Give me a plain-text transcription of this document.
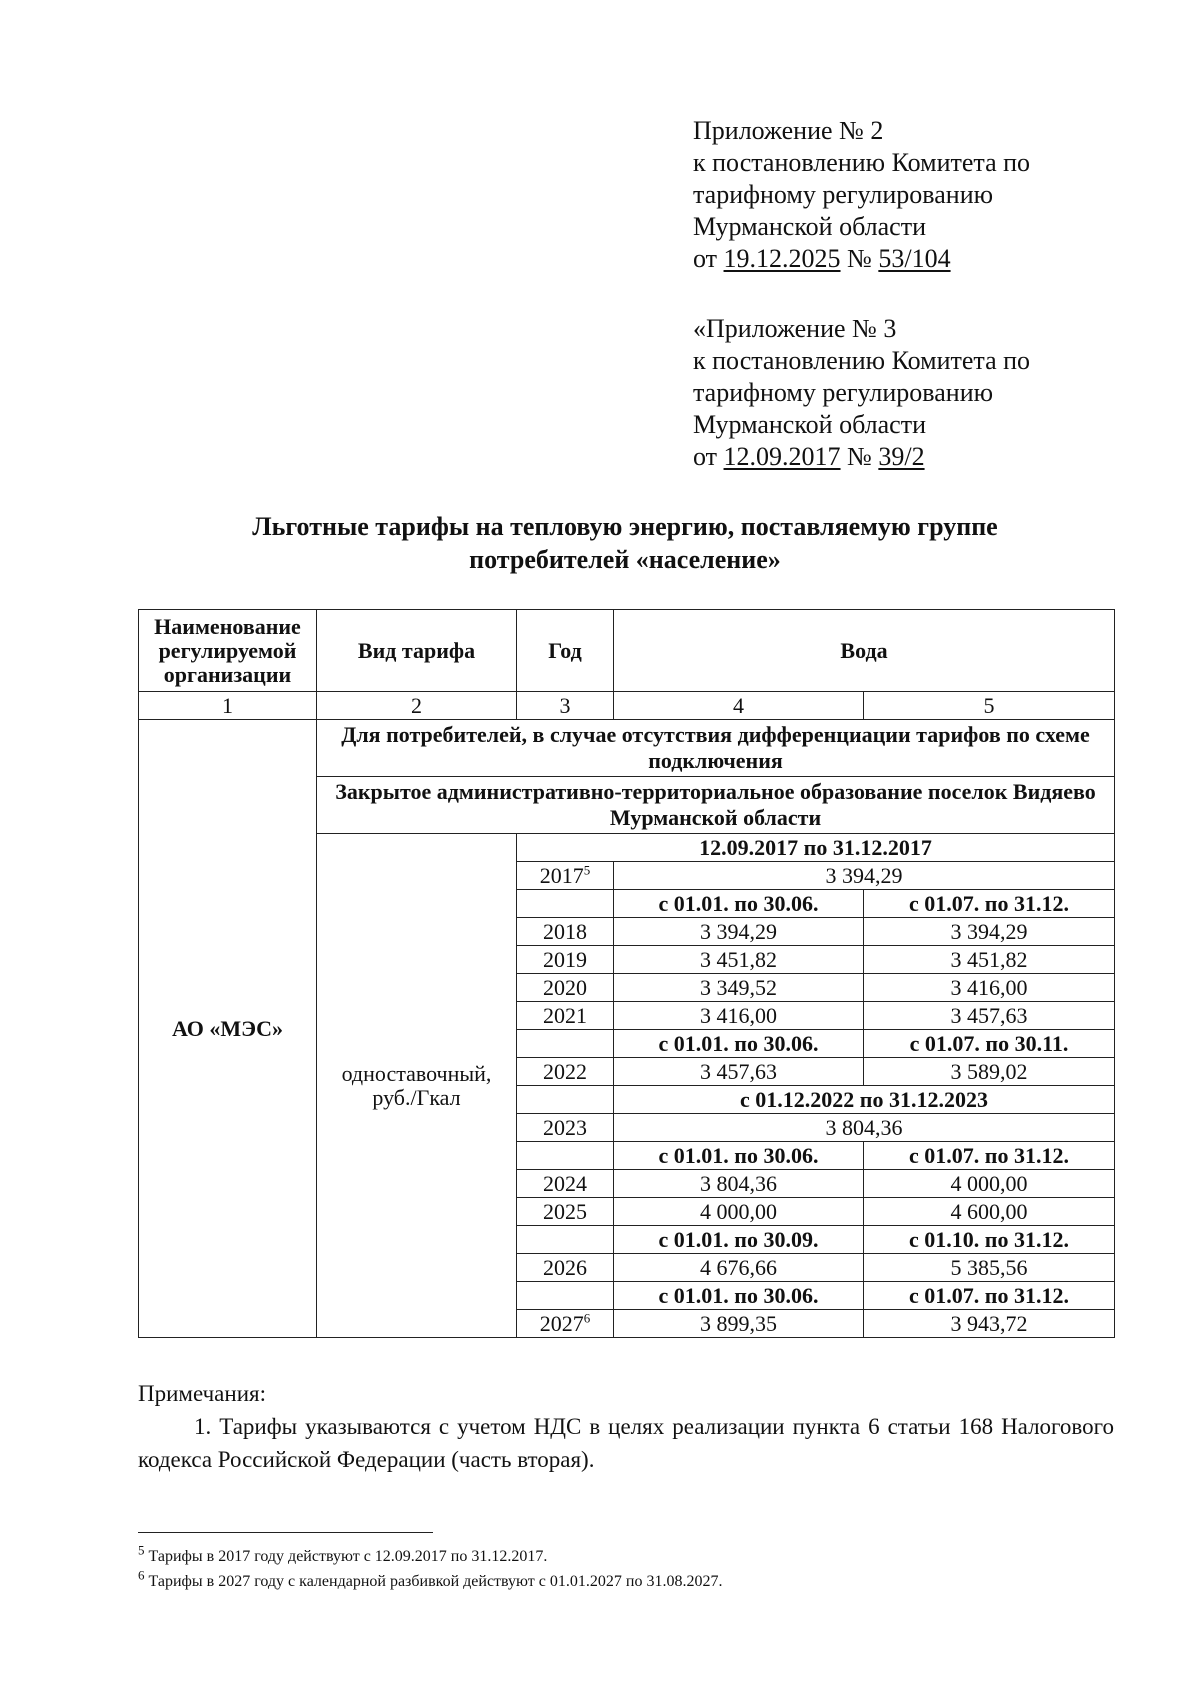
Приложение № 2
к постановлению Комитета по
тарифному регулированию
Мурманской области
от 19.12.2025 № 53/104
«Приложение № 3
к постановлению Комитета по
тарифному регулированию
Мурманской области
от 12.09.2017 № 39/2
Льготные тарифы на тепловую энергию, поставляемую группе
потребителей «население»
Наименование регулируемой организации	Вид тарифа	Год	Вода	
1	2	3	4	5
АО «МЭС»	Для потребителей, в случае отсутствия дифференциации тарифов по схеме подключения			
	Закрытое административно-территориальное образование поселок Видяево Мурманской области			
	одноставочный, руб./Гкал	12.09.2017 по 31.12.2017		
		2017$^5$	3 394,29	
			с 01.01. по 30.06.	с 01.07. по 31.12.
		2018	3 394,29	3 394,29
		2019	3 451,82	3 451,82
		2020	3 349,52	3 416,00
		2021	3 416,00	3 457,63
			с 01.01. по 30.06.	с 01.07. по 30.11.
		2022	3 457,63	3 589,02
			с 01.12.2022 по 31.12.2023	
		2023	3 804,36	
			с 01.01. по 30.06.	с 01.07. по 31.12.
		2024	3 804,36	4 000,00
		2025	4 000,00	4 600,00
			с 01.01. по 30.09.	с 01.10. по 31.12.
		2026	4 676,66	5 385,56
			с 01.01. по 30.06.	с 01.07. по 31.12.
		2027$^6$	3 899,35	3 943,72
Примечания:
1. Тарифы указываются с учетом НДС в целях реализации пункта 6 статьи 168 Налогового кодекса Российской Федерации (часть вторая).
$^5$ Тарифы в 2017 году действуют с 12.09.2017 по 31.12.2017.
$^6$ Тарифы в 2027 году с календарной разбивкой действуют с 01.01.2027 по 31.08.2027.
